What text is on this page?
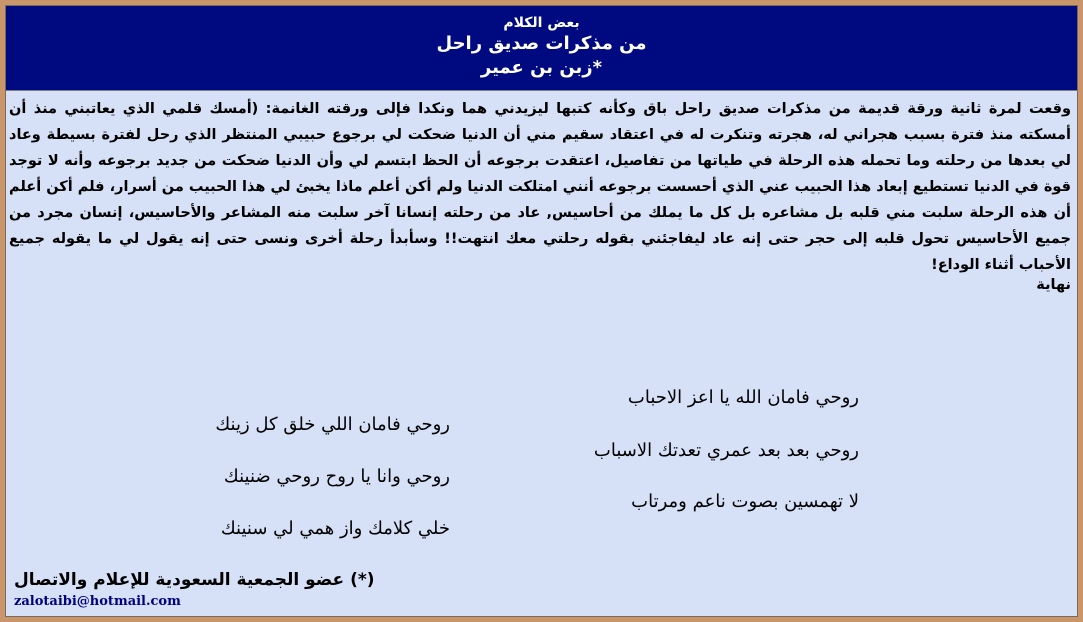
بعض الكلام
من مذكرات صديق راحل
زبن بن عمير*
وقعت لمرة ثانية ورقة قديمة من مذكرات صديق راحل باق وكأنه كتبها ليزيدني هما ونكدا فإلى ورقته الغانمة: (أمسك قلمي الذي يعاتبني منذ أن أمسكته منذ فترة بسبب هجراني له، هجرته وتنكرت له في اعتقاد سقيم مني أن الدنيا ضحكت لي برجوع حبيبي المنتظر الذي رحل لفترة بسيطة وعاد لي بعدها من رحلته وما تحمله هذه الرحلة في طياتها من تفاصيل، اعتقدت برجوعه أن الحظ ابتسم لي وأن الدنيا ضحكت من جديد برجوعه وأنه لا توجد قوة في الدنيا تستطيع إبعاد هذا الحبيب عني الذي أحسست برجوعه أنني امتلكت الدنيا ولم أكن أعلم ماذا يخبئ لي هذا الحبيب من أسرار، فلم أكن أعلم أن هذه الرحلة سلبت مني قلبه بل مشاعره بل كل ما يملك من أحاسيس, عاد من رحلته إنسانا آخر سلبت منه المشاعر والأحاسيس، إنسان مجرد من جميع الأحاسيس تحول قلبه إلى حجر حتى إنه عاد ليفاجئني بقوله رحلتي معك انتهت!! وسأبدأ رحلة أخرى ونسى حتى إنه يقول لي ما يقوله جميع الأحباب أثناء الوداع!
نهاية
روحي فامان الله يا اعز الاحباب
روحي بعد بعد عمري تعدتك الاسباب
لا تهمسين بصوت ناعم ومرتاب
روحي فامان اللي خلق كل زينك
روحي وانا يا روح روحي ضنينك
خلي كلامك واز همي لي سنينك
(*) عضو الجمعية السعودية للإعلام والاتصال
zalotaibi@hotmail.com
